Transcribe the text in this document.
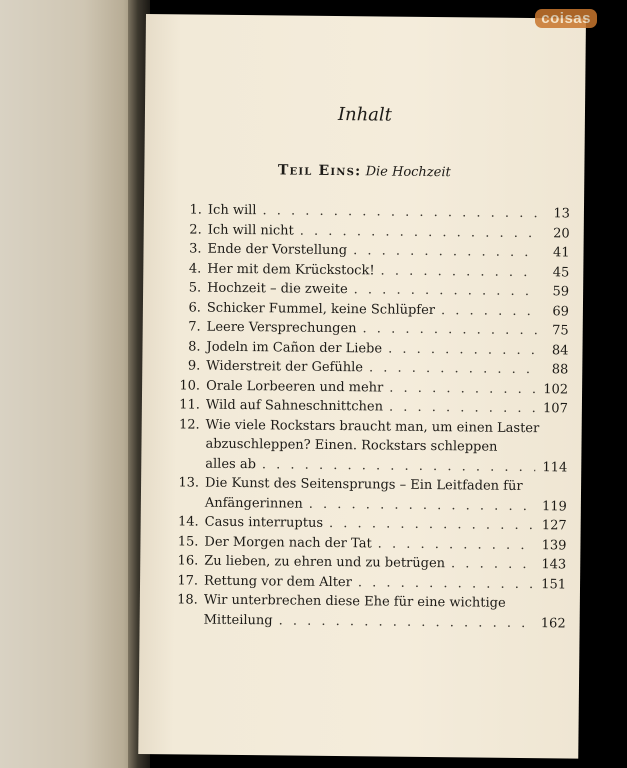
Inhalt
Teil Eins: Die Hochzeit
1. Ich will . . .	13
2. Ich will nicht . . .	20
3. Ende der Vorstellung . . .	41
4. Her mit dem Krückstock! . . .	45
5. Hochzeit – die zweite . . .	59
6. Schicker Fummel, keine Schlüpfer . . .	69
7. Leere Versprechungen . . .	75
8. Jodeln im Cañon der Liebe . . .	84
9. Widerstreit der Gefühle . . .	88
10. Orale Lorbeeren und mehr . . .	102
11. Wild auf Sahneschnittchen . . .	107
12. Wie viele Rockstars braucht man, um einen Laster
abzuschleppen? Einen. Rockstars schleppen
alles ab . . .	114
13. Die Kunst des Seitensprungs – Ein Leitfaden für
Anfängerinnen . . .	119
14. Casus interruptus . . .	127
15. Der Morgen nach der Tat . . .	139
16. Zu lieben, zu ehren und zu betrügen . . .	143
17. Rettung vor dem Alter . . .	151
18. Wir unterbrechen diese Ehe für eine wichtige
Mitteilung . . .	162
coisas
